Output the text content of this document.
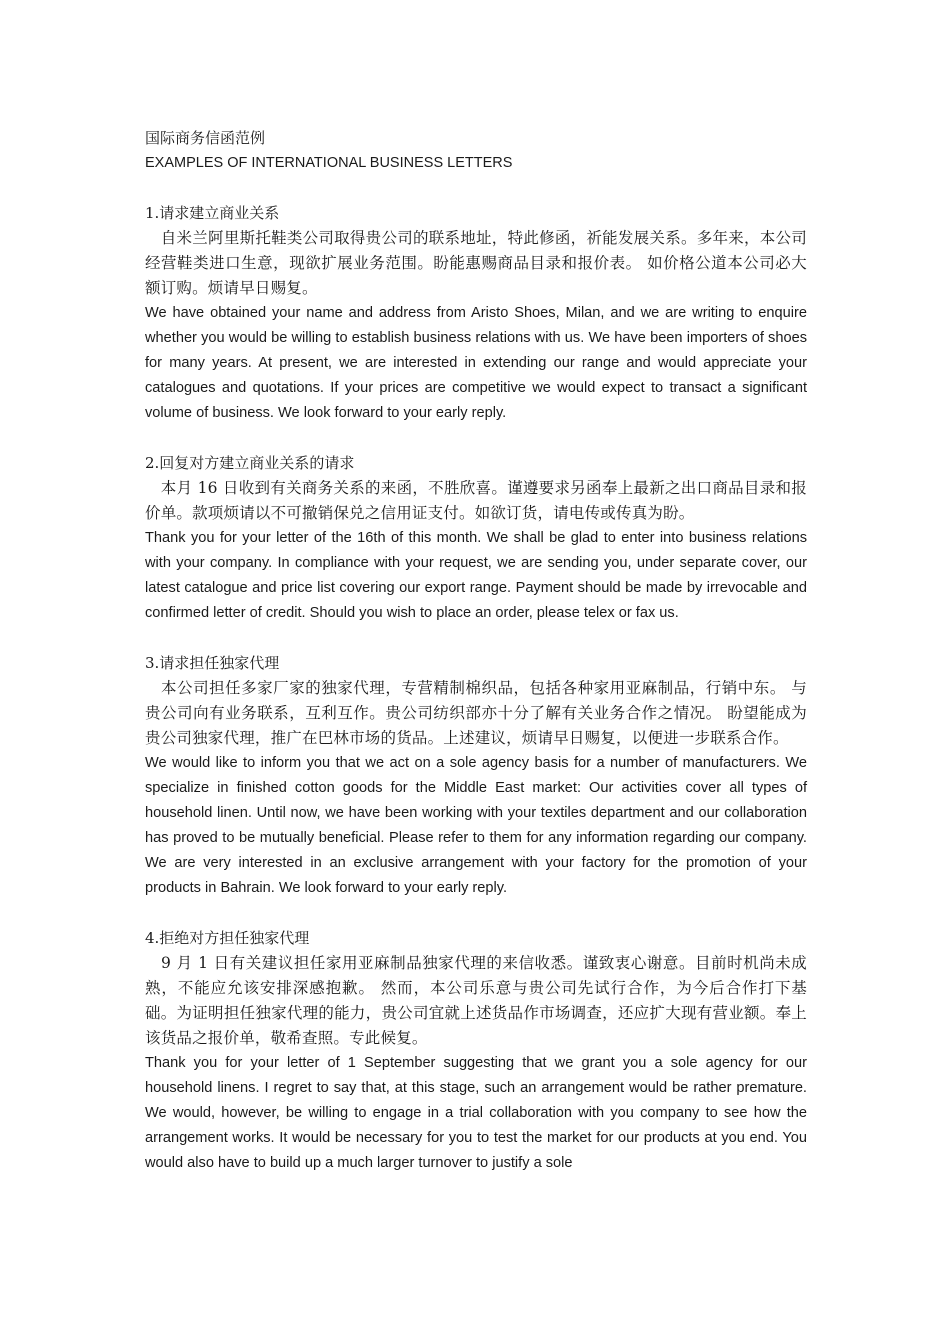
国际商务信函范例

EXAMPLES OF INTERNATIONAL BUSINESS LETTERS

1.请求建立商业关系

　自米兰阿里斯托鞋类公司取得贵公司的联系地址，特此修函，祈能发展关系。多年来，本公司经营鞋类进口生意，现欲扩展业务范围。盼能惠赐商品目录和报价表。 如价格公道本公司必大额订购。烦请早日赐复。

We have obtained your name and address from Aristo Shoes, Milan, and we are writing to enquire whether you would be willing to establish business relations with us. We have been importers of shoes for many years. At present, we are interested in extending our range and would appreciate your catalogues and quotations. If your prices are competitive we would expect to transact a significant volume of business. We look forward to your early reply.

2.回复对方建立商业关系的请求

　本月 16 日收到有关商务关系的来函，不胜欣喜。谨遵要求另函奉上最新之出口商品目录和报价单。款项烦请以不可撤销保兑之信用证支付。如欲订货，请电传或传真为盼。

Thank you for your letter of the 16th of this month. We shall be glad to enter into business relations with your company. In compliance with your request, we are sending you, under separate cover, our latest catalogue and price list covering our export range. Payment should be made by irrevocable and confirmed letter of credit. Should you wish to place an order, please telex or fax us.

3.请求担任独家代理

　本公司担任多家厂家的独家代理，专营精制棉织品，包括各种家用亚麻制品，行销中东。 与贵公司向有业务联系，互利互作。贵公司纺织部亦十分了解有关业务合作之情况。 盼望能成为贵公司独家代理，推广在巴林市场的货品。上述建议，烦请早日赐复，以便进一步联系合作。

We would like to inform you that we act on a sole agency basis for a number of manufacturers. We specialize in finished cotton goods for the Middle East market: Our activities cover all types of household linen. Until now, we have been working with your textiles department and our collaboration has proved to be mutually beneficial. Please refer to them for any information regarding our company. We are very interested in an exclusive arrangement with your factory for the promotion of your products in Bahrain. We look forward to your early reply.

4.拒绝对方担任独家代理

　9 月 1 日有关建议担任家用亚麻制品独家代理的来信收悉。谨致衷心谢意。目前时机尚未成熟，不能应允该安排深感抱歉。 然而，本公司乐意与贵公司先试行合作，为今后合作打下基础。为证明担任独家代理的能力，贵公司宜就上述货品作市场调查，还应扩大现有营业额。奉上该货品之报价单，敬希查照。专此候复。

Thank you for your letter of 1 September suggesting that we grant you a sole agency for our household linens. I regret to say that, at this stage, such an arrangement would be rather premature. We would, however, be willing to engage in a trial collaboration with you company to see how the arrangement works. It would be necessary for you to test the market for our products at you end. You would also have to build up a much larger turnover to justify a sole
